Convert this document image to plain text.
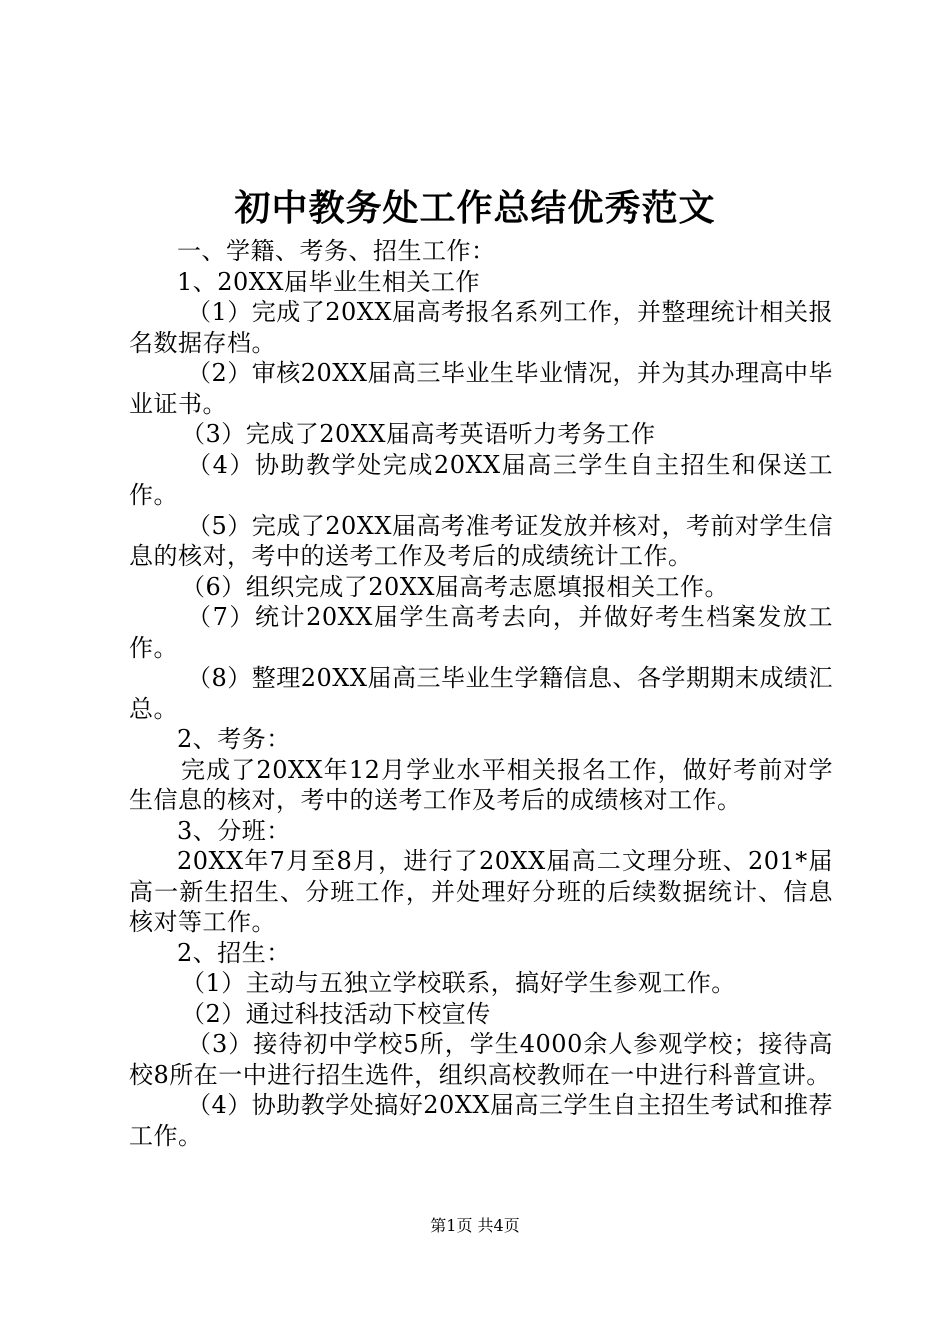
初中教务处工作总结优秀范文

一、学籍、考务、招生工作：

1、20XX届毕业生相关工作

（1）完成了20XX届高考报名系列工作，并整理统计相关报名数据存档。

（2）审核20XX届高三毕业生毕业情况，并为其办理高中毕业证书。

（3）完成了20XX届高考英语听力考务工作

（4）协助教学处完成20XX届高三学生自主招生和保送工作。

（5）完成了20XX届高考准考证发放并核对，考前对学生信息的核对，考中的送考工作及考后的成绩统计工作。

（6）组织完成了20XX届高考志愿填报相关工作。

（7）统计20XX届学生高考去向，并做好考生档案发放工作。

（8）整理20XX届高三毕业生学籍信息、各学期期末成绩汇总。

2、考务：

完成了20XX年12月学业水平相关报名工作，做好考前对学生信息的核对，考中的送考工作及考后的成绩核对工作。

3、分班：

20XX年7月至8月，进行了20XX届高二文理分班、201*届高一新生招生、分班工作，并处理好分班的后续数据统计、信息核对等工作。

2、招生：

（1）主动与五独立学校联系，搞好学生参观工作。

（2）通过科技活动下校宣传

（3）接待初中学校5所，学生4000余人参观学校；接待高校8所在一中进行招生选件，组织高校教师在一中进行科普宣讲。

（4）协助教学处搞好20XX届高三学生自主招生考试和推荐工作。

第1页 共4页
